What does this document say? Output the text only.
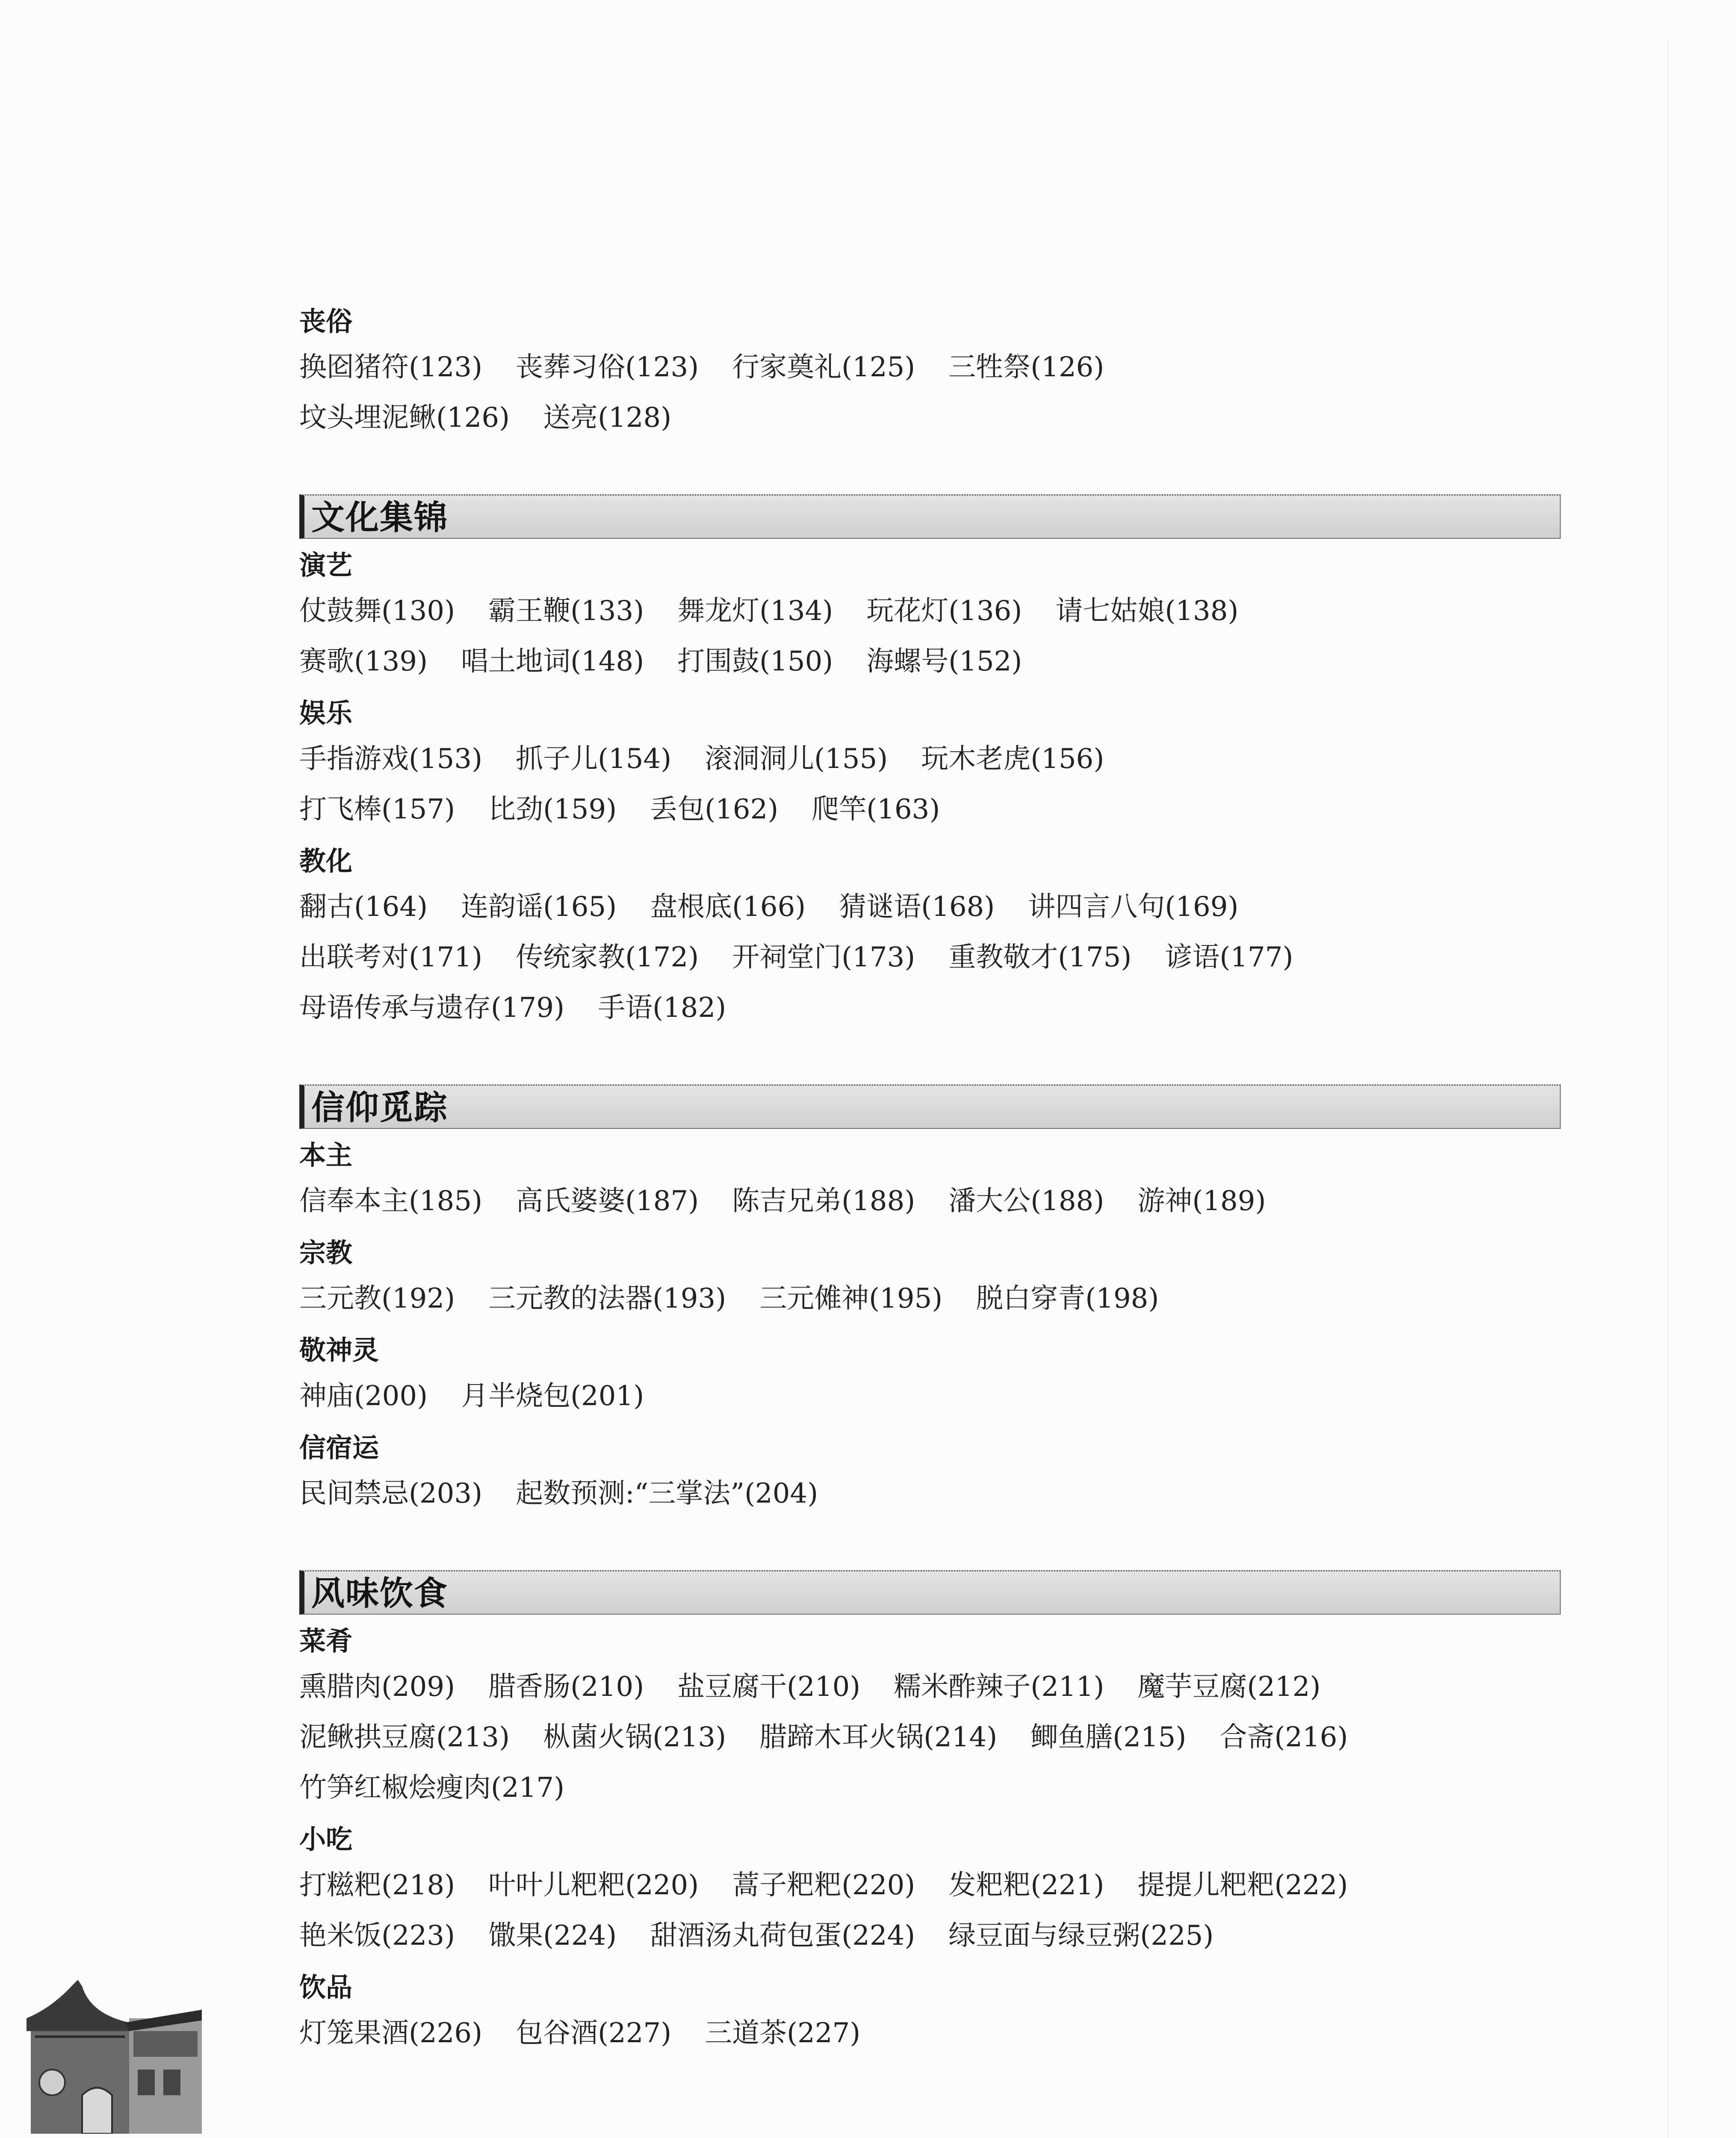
丧俗
换囵猪符(123) 丧葬习俗(123) 行家奠礼(125) 三牲祭(126)
坟头埋泥鳅(126) 送亮(128)
文化集锦
演艺
仗鼓舞(130) 霸王鞭(133) 舞龙灯(134) 玩花灯(136) 请七姑娘(138)
赛歌(139) 唱土地词(148) 打围鼓(150) 海螺号(152)
娱乐
手指游戏(153) 抓子儿(154) 滚洞洞儿(155) 玩木老虎(156)
打飞棒(157) 比劲(159) 丢包(162) 爬竿(163)
教化
翻古(164) 连韵谣(165) 盘根底(166) 猜谜语(168) 讲四言八句(169)
出联考对(171) 传统家教(172) 开祠堂门(173) 重教敬才(175) 谚语(177)
母语传承与遗存(179) 手语(182)
信仰觅踪
本主
信奉本主(185) 高氏婆婆(187) 陈吉兄弟(188) 潘大公(188) 游神(189)
宗教
三元教(192) 三元教的法器(193) 三元傩神(195) 脱白穿青(198)
敬神灵
神庙(200) 月半烧包(201)
信宿运
民间禁忌(203) 起数预测:“三掌法”(204)
风味饮食
菜肴
熏腊肉(209) 腊香肠(210) 盐豆腐干(210) 糯米酢辣子(211) 魔芋豆腐(212)
泥鳅拱豆腐(213) 枞菌火锅(213) 腊蹄木耳火锅(214) 鲫鱼膳(215) 合斋(216)
竹笋红椒烩瘦肉(217)
小吃
打糍粑(218) 叶叶儿粑粑(220) 蒿子粑粑(220) 发粑粑(221) 提提儿粑粑(222)
艳米饭(223) 馓果(224) 甜酒汤丸荷包蛋(224) 绿豆面与绿豆粥(225)
饮品
灯笼果酒(226) 包谷酒(227) 三道茶(227)
